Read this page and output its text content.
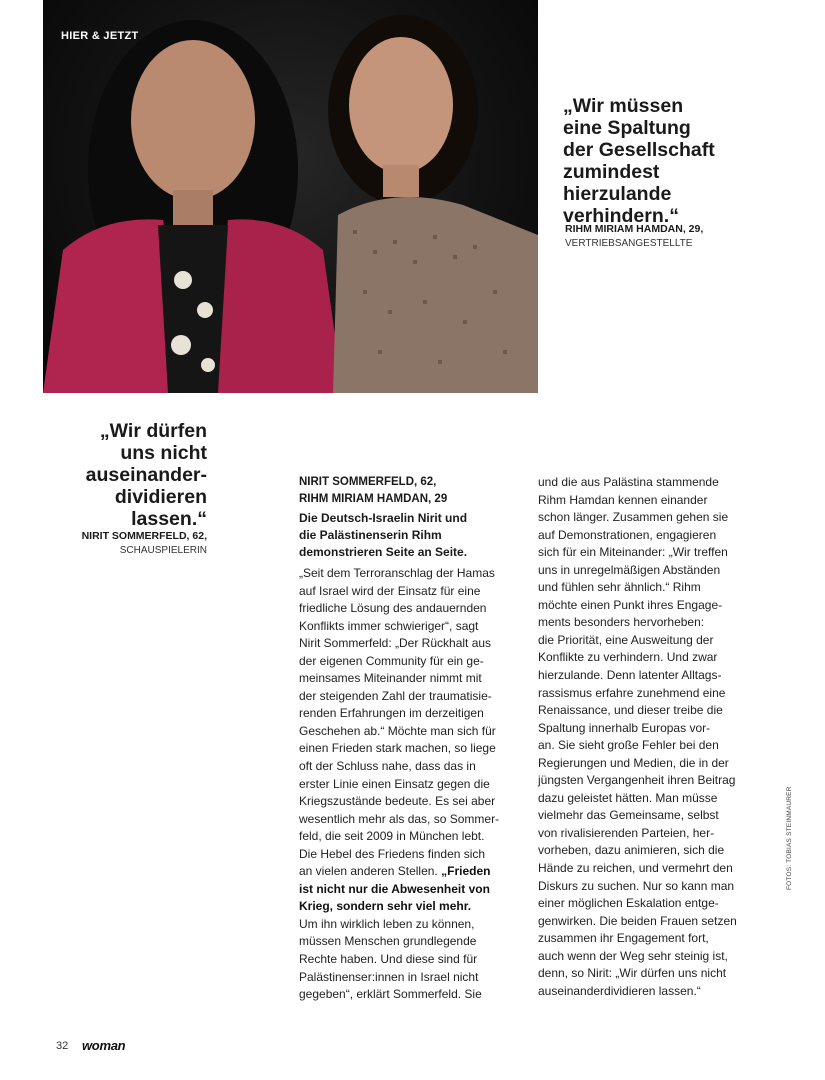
HIER & JETZT
„Wir müssen
eine Spaltung
der Gesellschaft
zumindest
hierzulande
verhindern.“
RIHM MIRIAM HAMDAN, 29,
VERTRIEBSANGESTELLTE
„Wir dürfen
uns nicht
auseinander-
dividieren
lassen.“
NIRIT SOMMERFELD, 62,
SCHAUSPIELERIN
NIRIT SOMMERFELD, 62,
RIHM MIRIAM HAMDAN, 29
Die Deutsch-Israelin Nirit und
die Palästinenserin Rihm
demonstrieren Seite an Seite.
„Seit dem Terroranschlag der Hamas
auf Israel wird der Einsatz für eine
friedliche Lösung des andauernden
Konflikts immer schwieriger“, sagt
Nirit Sommerfeld: „Der Rückhalt aus
der eigenen Community für ein ge-
meinsames Miteinander nimmt mit
der steigenden Zahl der traumatisie-
renden Erfahrungen im derzeitigen
Geschehen ab.“ Möchte man sich für
einen Frieden stark machen, so liege
oft der Schluss nahe, dass das in
erster Linie einen Einsatz gegen die
Kriegszustände bedeute. Es sei aber
wesentlich mehr als das, so Sommer-
feld, die seit 2009 in München lebt.
Die Hebel des Friedens finden sich
an vielen anderen Stellen. „Frieden
ist nicht nur die Abwesenheit von
Krieg, sondern sehr viel mehr.
Um ihn wirklich leben zu können,
müssen Menschen grundlegende
Rechte haben. Und diese sind für
Palästinenser:innen in Israel nicht
gegeben“, erklärt Sommerfeld. Sie
und die aus Palästina stammende
Rihm Hamdan kennen einander
schon länger. Zusammen gehen sie
auf Demonstrationen, engagieren
sich für ein Miteinander: „Wir treffen
uns in unregelmäßigen Abständen
und fühlen sehr ähnlich.“ Rihm
möchte einen Punkt ihres Engage-
ments besonders hervorheben:
die Priorität, eine Ausweitung der
Konflikte zu verhindern. Und zwar
hierzulande. Denn latenter Alltags-
rassismus erfahre zunehmend eine
Renaissance, und dieser treibe die
Spaltung innerhalb Europas vor-
an. Sie sieht große Fehler bei den
Regierungen und Medien, die in der
jüngsten Vergangenheit ihren Beitrag
dazu geleistet hätten. Man müsse
vielmehr das Gemeinsame, selbst
von rivalisierenden Parteien, her-
vorheben, dazu animieren, sich die
Hände zu reichen, und vermehrt den
Diskurs zu suchen. Nur so kann man
einer möglichen Eskalation entge-
genwirken. Die beiden Frauen setzen
zusammen ihr Engagement fort,
auch wenn der Weg sehr steinig ist,
denn, so Nirit: „Wir dürfen uns nicht
auseinanderdividieren lassen.“
FOTOS: TOBIAS STEINMAURER
32 woman
